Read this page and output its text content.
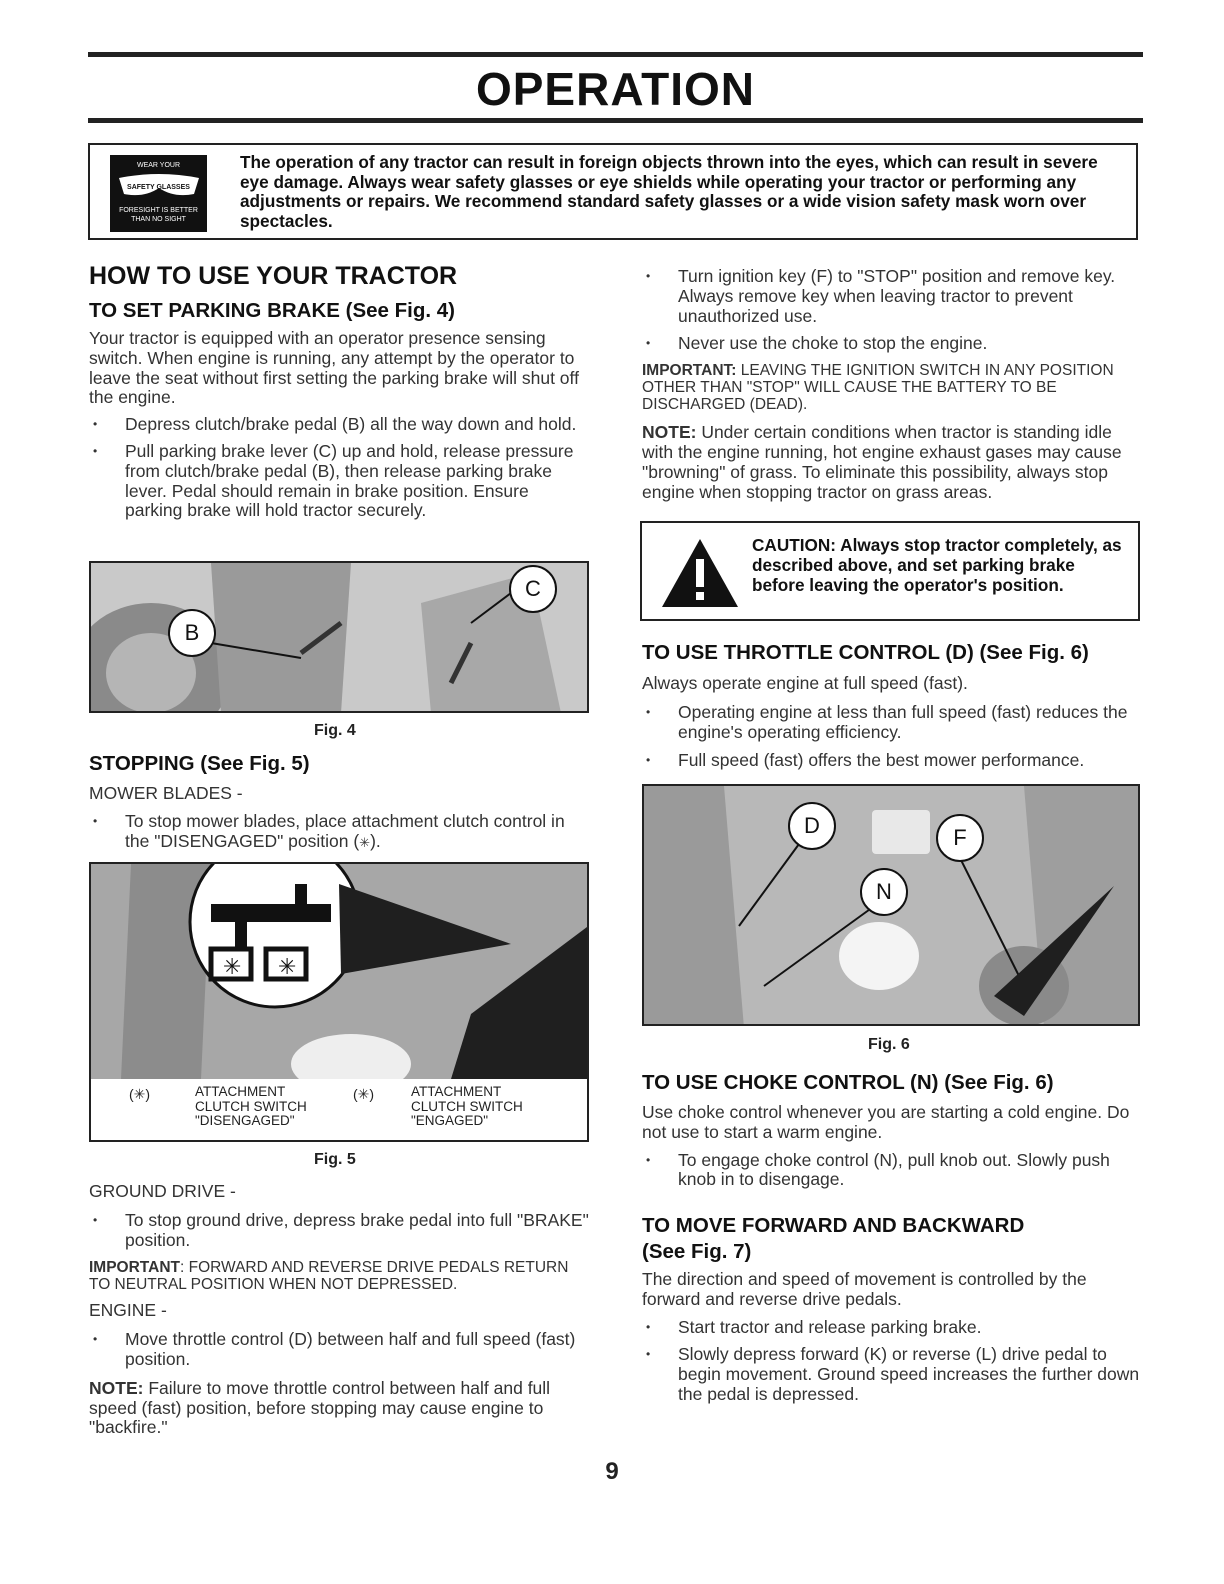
OPERATION
WEAR YOUR
SAFETY GLASSES
FORESIGHT IS BETTER
THAN NO SIGHT
The operation of any tractor can result in foreign objects thrown into the eyes, which can result in severe eye damage. Always wear safety glasses or eye shields while operating your tractor or performing any adjustments or repairs. We recommend standard safety glasses or a wide vision safety mask worn over spectacles.
HOW TO USE YOUR TRACTOR
TO SET PARKING BRAKE (See Fig. 4)

Your tractor is equipped with an operator presence sensing switch. When engine is running, any attempt by the operator to leave the seat without first setting the parking brake will shut off the engine.

• Depress clutch/brake pedal (B) all the way down and hold.

• Pull parking brake lever (C) up and hold, release pressure from clutch/brake pedal (B), then release parking brake lever. Pedal should remain in brake position. Ensure parking brake will hold tractor securely.

B
C
Fig. 4
STOPPING (See Fig. 5)

MOWER BLADES -

• To stop mower blades, place attachment clutch control in the "DISENGAGED" position (✳).

✳ ✳
(✳)	ATTACHMENT
CLUTCH SWITCH
"DISENGAGED"
(✳)	ATTACHMENT
CLUTCH SWITCH
"ENGAGED"
Fig. 5

GROUND DRIVE -

• To stop ground drive, depress brake pedal into full "BRAKE" position.

IMPORTANT: FORWARD AND REVERSE DRIVE PEDALS RETURN TO NEUTRAL POSITION WHEN NOT DEPRESSED.

ENGINE -

• Move throttle control (D) between half and full speed (fast) position.

NOTE: Failure to move throttle control between half and full speed (fast) position, before stopping may cause engine to "backfire."

• Turn ignition key (F) to "STOP" position and remove key. Always remove key when leaving tractor to prevent unauthorized use.

• Never use the choke to stop the engine.

IMPORTANT: LEAVING THE IGNITION SWITCH IN ANY POSITION OTHER THAN "STOP" WILL CAUSE THE BATTERY TO BE DISCHARGED (DEAD).

NOTE: Under certain conditions when tractor is standing idle with the engine running, hot engine exhaust gases may cause "browning" of grass. To eliminate this possibility, always stop engine when stopping tractor on grass areas.

CAUTION: Always stop tractor completely, as described above, and set parking brake before leaving the operator's position.
TO USE THROTTLE CONTROL (D) (See Fig. 6)

Always operate engine at full speed (fast).

• Operating engine at less than full speed (fast) reduces the engine's operating efficiency.

• Full speed (fast) offers the best mower performance.

D	F
N
Fig. 6
TO USE CHOKE CONTROL (N) (See Fig. 6)

Use choke control whenever you are starting a cold engine. Do not use to start a warm engine.

• To engage choke control (N), pull knob out. Slowly push knob in to disengage.

TO MOVE FORWARD AND BACKWARD
(See Fig. 7)

The direction and speed of movement is controlled by the forward and reverse drive pedals.

• Start tractor and release parking brake.

• Slowly depress forward (K) or reverse (L) drive pedal to begin movement. Ground speed increases the further down the pedal is depressed.

9
